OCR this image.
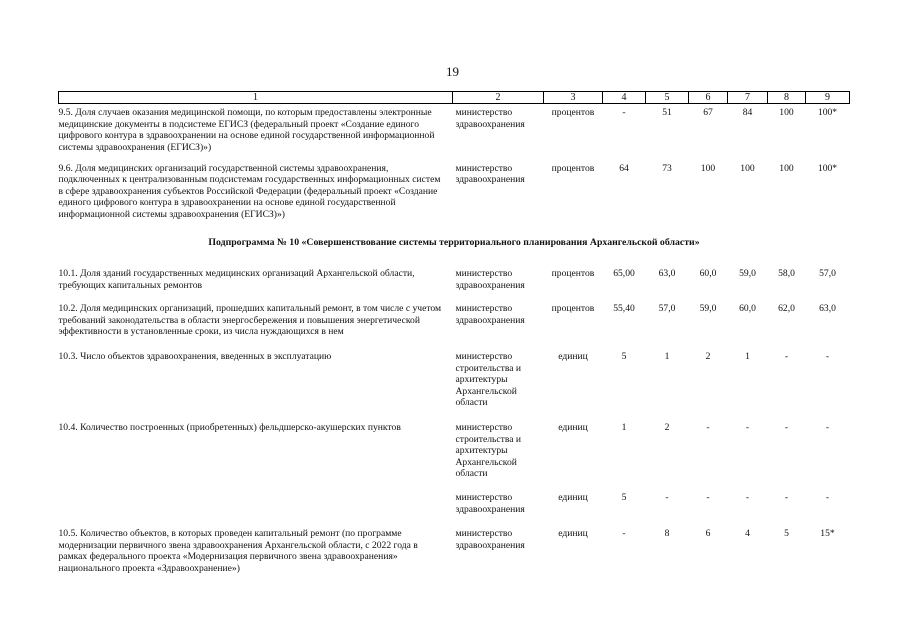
19
1	2	3	4	5	6	7	8	9
9.5. Доля случаев оказания медицинской помощи, по которым предоставлены электронные медицинские документы в подсистеме ЕГИСЗ (федеральный проект «Создание единого цифрового контура в здравоохранении на основе единой государственной информационной системы здравоохранения (ЕГИСЗ)»)	министерство здравоохранения	процентов	-	51	67	84	100	100*
9.6. Доля медицинских организаций государственной системы здравоохранения, подключенных к централизованным подсистемам государственных информационных систем в сфере здравоохранения субъектов Российской Федерации (федеральный проект «Создание единого цифрового контура в здравоохранении на основе единой государственной информационной системы здравоохранения (ЕГИСЗ)»)	министерство здравоохранения	процентов	64	73	100	100	100	100*
Подпрограмма № 10 «Совершенствование системы территориального планирования Архангельской области»								
10.1. Доля зданий государственных медицинских организаций Архангельской области, требующих капитальных ремонтов	министерство здравоохранения	процентов	65,00	63,0	60,0	59,0	58,0	57,0
10.2. Доля медицинских организаций, прошедших капитальный ремонт, в том числе с учетом требований законодательства в области энергосбережения и повышения энергетической эффективности в установленные сроки, из числа нуждающихся в нем	министерство здравоохранения	процентов	55,40	57,0	59,0	60,0	62,0	63,0
10.3. Число объектов здравоохранения, введенных в эксплуатацию	министерство строительства и архитектуры Архангельской области	единиц	5	1	2	1	-	-
10.4. Количество построенных (приобретенных) фельдшерско-акушерских пунктов	министерство строительства и архитектуры Архангельской области	единиц	1	2	-	-	-	-
	министерство здравоохранения	единиц	5	-	-	-	-	-
10.5. Количество объектов, в которых проведен капитальный ремонт (по программе модернизации первичного звена здравоохранения Архангельской области, с 2022 года в рамках федерального проекта «Модернизация первичного звена здравоохранения» национального проекта «Здравоохранение»)	министерство здравоохранения	единиц	-	8	6	4	5	15*
